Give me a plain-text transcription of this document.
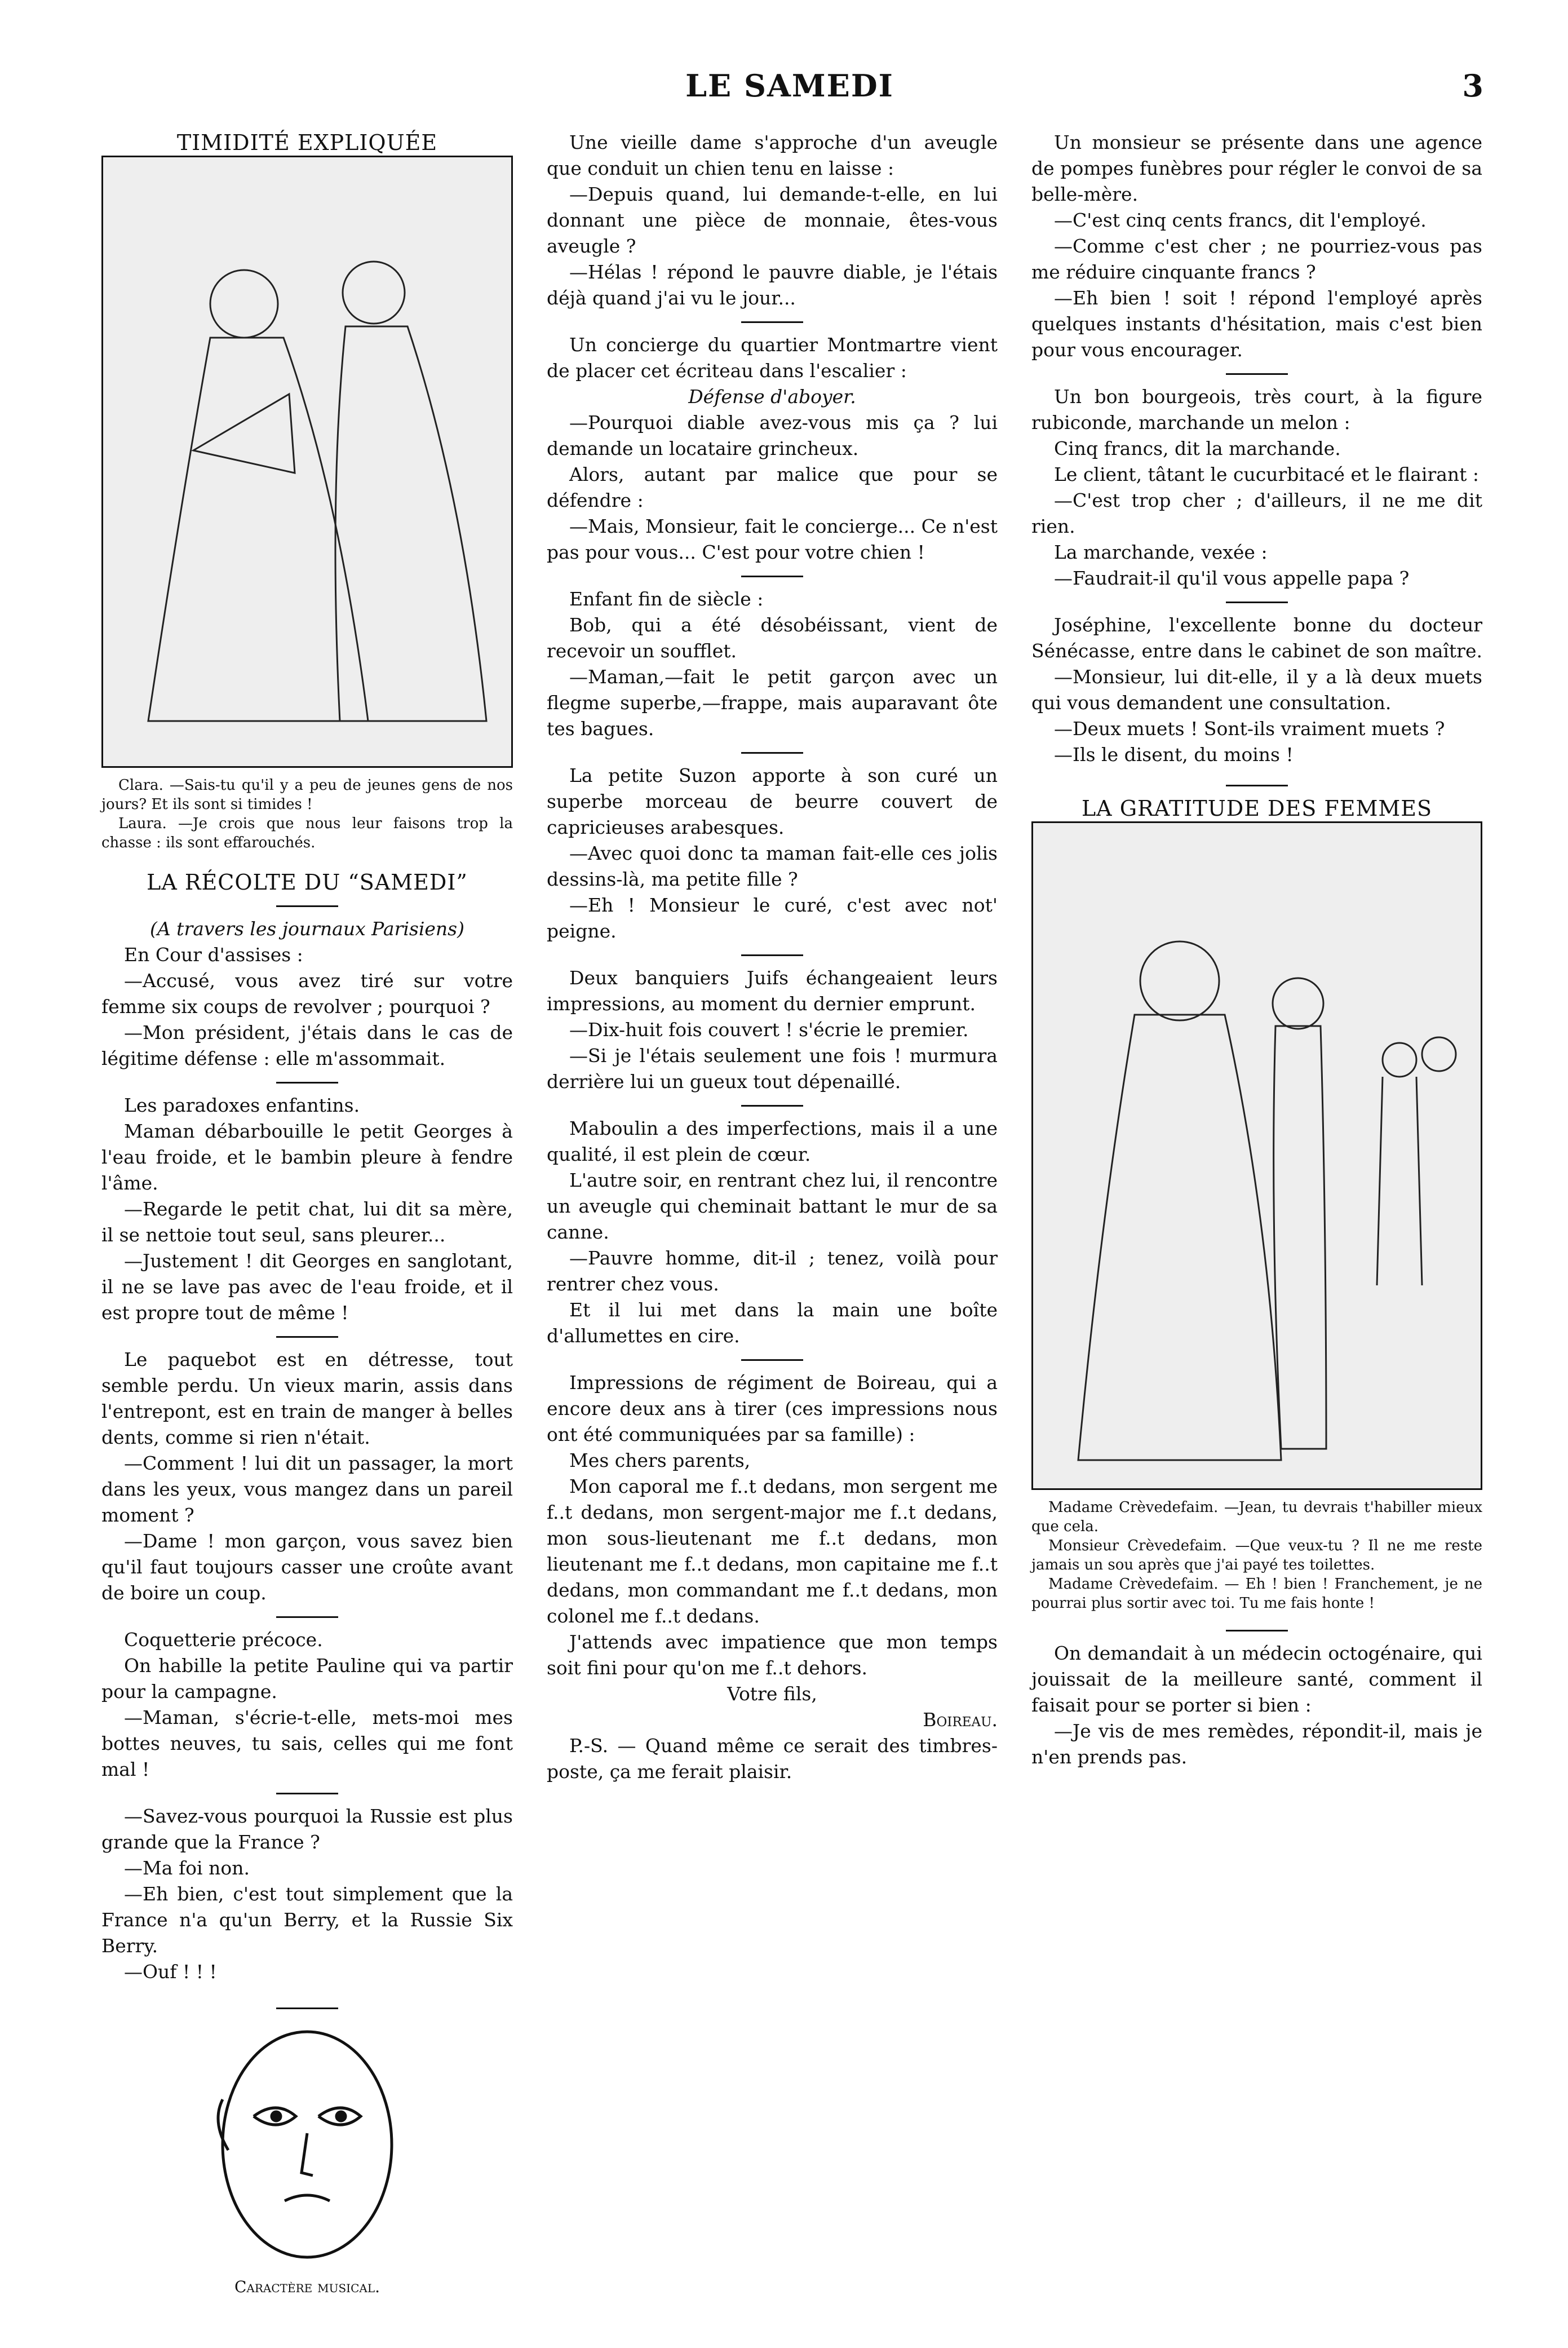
LE SAMEDI	3

TIMIDITÉ EXPLIQUÉE

Clara. —Sais-tu qu'il y a peu de jeunes gens de nos jours? Et ils sont si timides !

Laura. —Je crois que nous leur faisons trop la chasse : ils sont effarouchés.

LA RÉCOLTE DU “SAMEDI”

(A travers les journaux Parisiens)

En Cour d'assises :

—Accusé, vous avez tiré sur votre femme six coups de revolver ; pourquoi ?

—Mon président, j'étais dans le cas de légitime défense : elle m'assommait.

Les paradoxes enfantins.

Maman débarbouille le petit Georges à l'eau froide, et le bambin pleure à fendre l'âme.

—Regarde le petit chat, lui dit sa mère, il se nettoie tout seul, sans pleurer...

—Justement ! dit Georges en sanglotant, il ne se lave pas avec de l'eau froide, et il est propre tout de même !

Le paquebot est en détresse, tout semble perdu. Un vieux marin, assis dans l'entrepont, est en train de manger à belles dents, comme si rien n'était.

—Comment ! lui dit un passager, la mort dans les yeux, vous mangez dans un pareil moment ?

—Dame ! mon garçon, vous savez bien qu'il faut toujours casser une croûte avant de boire un coup.

Coquetterie précoce.

On habille la petite Pauline qui va partir pour la campagne.

—Maman, s'écrie-t-elle, mets-moi mes bottes neuves, tu sais, celles qui me font mal !

—Savez-vous pourquoi la Russie est plus grande que la France ?

—Ma foi non.

—Eh bien, c'est tout simplement que la France n'a qu'un Berry, et la Russie Six Berry.

—Ouf ! ! !

Caractère musical.

Une vieille dame s'approche d'un aveugle que conduit un chien tenu en laisse :

—Depuis quand, lui demande-t-elle, en lui donnant une pièce de monnaie, êtes-vous aveugle ?

—Hélas ! répond le pauvre diable, je l'étais déjà quand j'ai vu le jour...

Un concierge du quartier Montmartre vient de placer cet écriteau dans l'escalier :

Défense d'aboyer.

—Pourquoi diable avez-vous mis ça ? lui demande un locataire grincheux.

Alors, autant par malice que pour se défendre :

—Mais, Monsieur, fait le concierge... Ce n'est pas pour vous... C'est pour votre chien !

Enfant fin de siècle :

Bob, qui a été désobéissant, vient de recevoir un soufflet.

—Maman,—fait le petit garçon avec un flegme superbe,—frappe, mais auparavant ôte tes bagues.

La petite Suzon apporte à son curé un superbe morceau de beurre couvert de capricieuses arabesques.

—Avec quoi donc ta maman fait-elle ces jolis dessins-là, ma petite fille ?

—Eh ! Monsieur le curé, c'est avec not' peigne.

Deux banquiers Juifs échangeaient leurs impressions, au moment du dernier emprunt.

—Dix-huit fois couvert ! s'écrie le premier.

—Si je l'étais seulement une fois ! murmura derrière lui un gueux tout dépenaillé.

Maboulin a des imperfections, mais il a une qualité, il est plein de cœur.

L'autre soir, en rentrant chez lui, il rencontre un aveugle qui cheminait battant le mur de sa canne.

—Pauvre homme, dit-il ; tenez, voilà pour rentrer chez vous.

Et il lui met dans la main une boîte d'allumettes en cire.

Impressions de régiment de Boireau, qui a encore deux ans à tirer (ces impressions nous ont été communiquées par sa famille) :

Mes chers parents,

Mon caporal me f..t dedans, mon sergent me f..t dedans, mon sergent-major me f..t dedans, mon sous-lieutenant me f..t dedans, mon lieutenant me f..t dedans, mon capitaine me f..t dedans, mon commandant me f..t dedans, mon colonel me f..t dedans.

J'attends avec impatience que mon temps soit fini pour qu'on me f..t dehors.

Votre fils,

Boireau.

P.-S. — Quand même ce serait des timbres-poste, ça me ferait plaisir.

Un monsieur se présente dans une agence de pompes funèbres pour régler le convoi de sa belle-mère.

—C'est cinq cents francs, dit l'employé.

—Comme c'est cher ; ne pourriez-vous pas me réduire cinquante francs ?

—Eh bien ! soit ! répond l'employé après quelques instants d'hésitation, mais c'est bien pour vous encourager.

Un bon bourgeois, très court, à la figure rubiconde, marchande un melon :

Cinq francs, dit la marchande.

Le client, tâtant le cucurbitacé et le flairant :

—C'est trop cher ; d'ailleurs, il ne me dit rien.

La marchande, vexée :

—Faudrait-il qu'il vous appelle papa ?

Joséphine, l'excellente bonne du docteur Sénécasse, entre dans le cabinet de son maître.

—Monsieur, lui dit-elle, il y a là deux muets qui vous demandent une consultation.

—Deux muets ! Sont-ils vraiment muets ?

—Ils le disent, du moins !

LA GRATITUDE DES FEMMES

Madame Crèvedefaim. —Jean, tu devrais t'habiller mieux que cela.

Monsieur Crèvedefaim. —Que veux-tu ? Il ne me reste jamais un sou après que j'ai payé tes toilettes.

Madame Crèvedefaim. — Eh ! bien ! Franchement, je ne pourrai plus sortir avec toi. Tu me fais honte !

On demandait à un médecin octogénaire, qui jouissait de la meilleure santé, comment il faisait pour se porter si bien :

—Je vis de mes remèdes, répondit-il, mais je n'en prends pas.
